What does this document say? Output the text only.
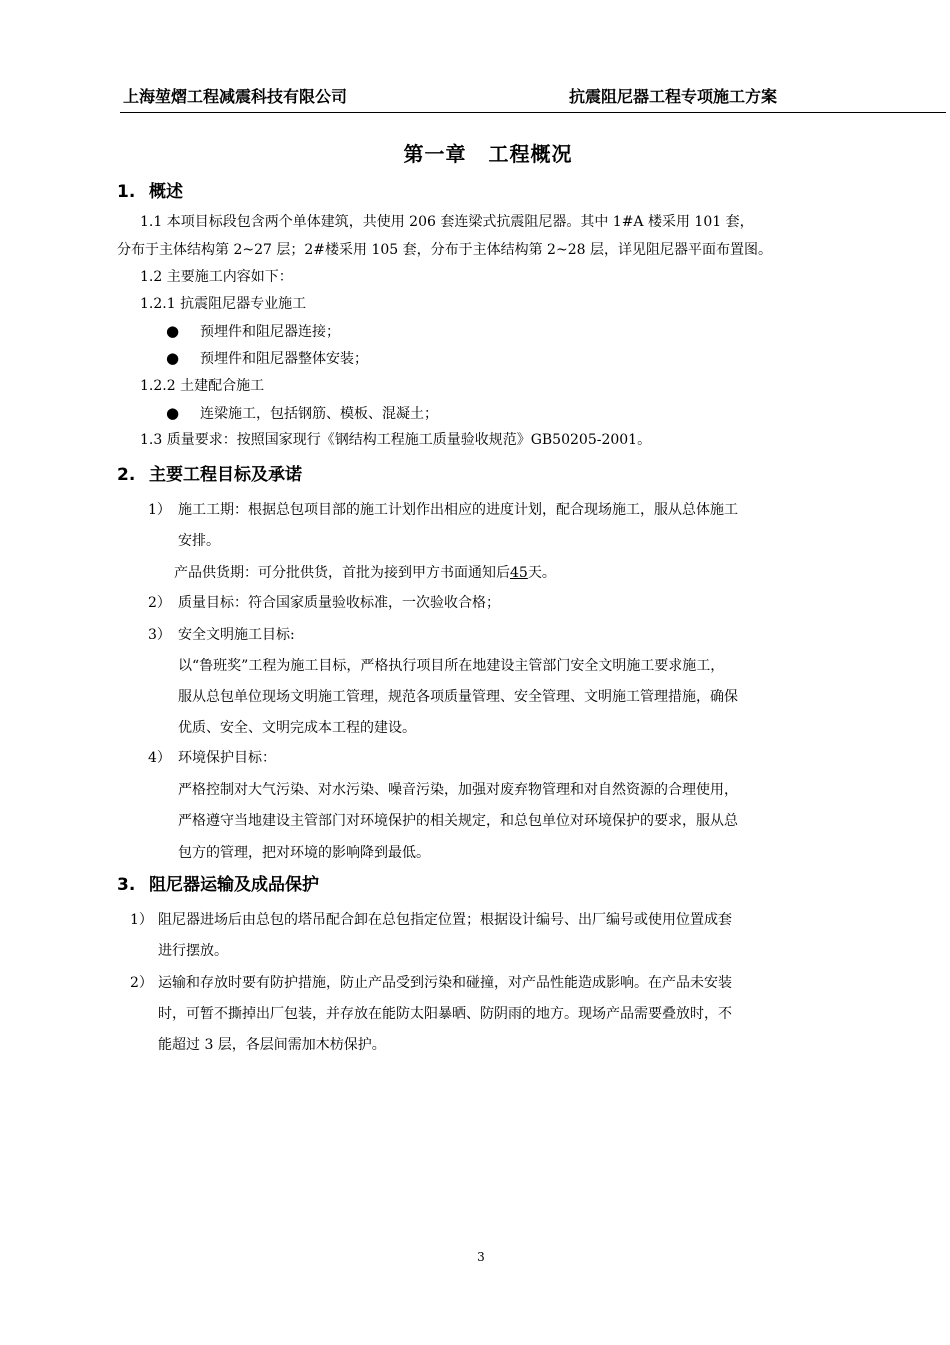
上海堃熠工程减震科技有限公司	抗震阻尼器工程专项施工方案
第一章 工程概况
1. 概述
1.1 本项目标段包含两个单体建筑，共使用 206 套连梁式抗震阻尼器。其中 1#A 楼采用 101 套，
分布于主体结构第 2~27 层；2#楼采用 105 套，分布于主体结构第 2~28 层，详见阻尼器平面布置图。
1.2 主要施工内容如下：
1.2.1 抗震阻尼器专业施工
● 预埋件和阻尼器连接；
● 预埋件和阻尼器整体安装；
1.2.2 土建配合施工
● 连梁施工，包括钢筋、模板、混凝土；
1.3 质量要求：按照国家现行《钢结构工程施工质量验收规范》GB50205-2001。
2. 主要工程目标及承诺
1） 施工工期：根据总包项目部的施工计划作出相应的进度计划，配合现场施工，服从总体施工
安排。
产品供货期：可分批供货，首批为接到甲方书面通知后45天。
2） 质量目标：符合国家质量验收标准，一次验收合格；
3） 安全文明施工目标:
以“鲁班奖”工程为施工目标，严格执行项目所在地建设主管部门安全文明施工要求施工，
服从总包单位现场文明施工管理，规范各项质量管理、安全管理、文明施工管理措施，确保
优质、安全、文明完成本工程的建设。
4） 环境保护目标：
严格控制对大气污染、对水污染、噪音污染，加强对废弃物管理和对自然资源的合理使用，
严格遵守当地建设主管部门对环境保护的相关规定，和总包单位对环境保护的要求，服从总
包方的管理，把对环境的影响降到最低。
3. 阻尼器运输及成品保护
1） 阻尼器进场后由总包的塔吊配合卸在总包指定位置；根据设计编号、出厂编号或使用位置成套
进行摆放。
2） 运输和存放时要有防护措施，防止产品受到污染和碰撞，对产品性能造成影响。在产品未安装
时，可暂不撕掉出厂包装，并存放在能防太阳暴晒、防阴雨的地方。现场产品需要叠放时，不
能超过 3 层，各层间需加木枋保护。
3
